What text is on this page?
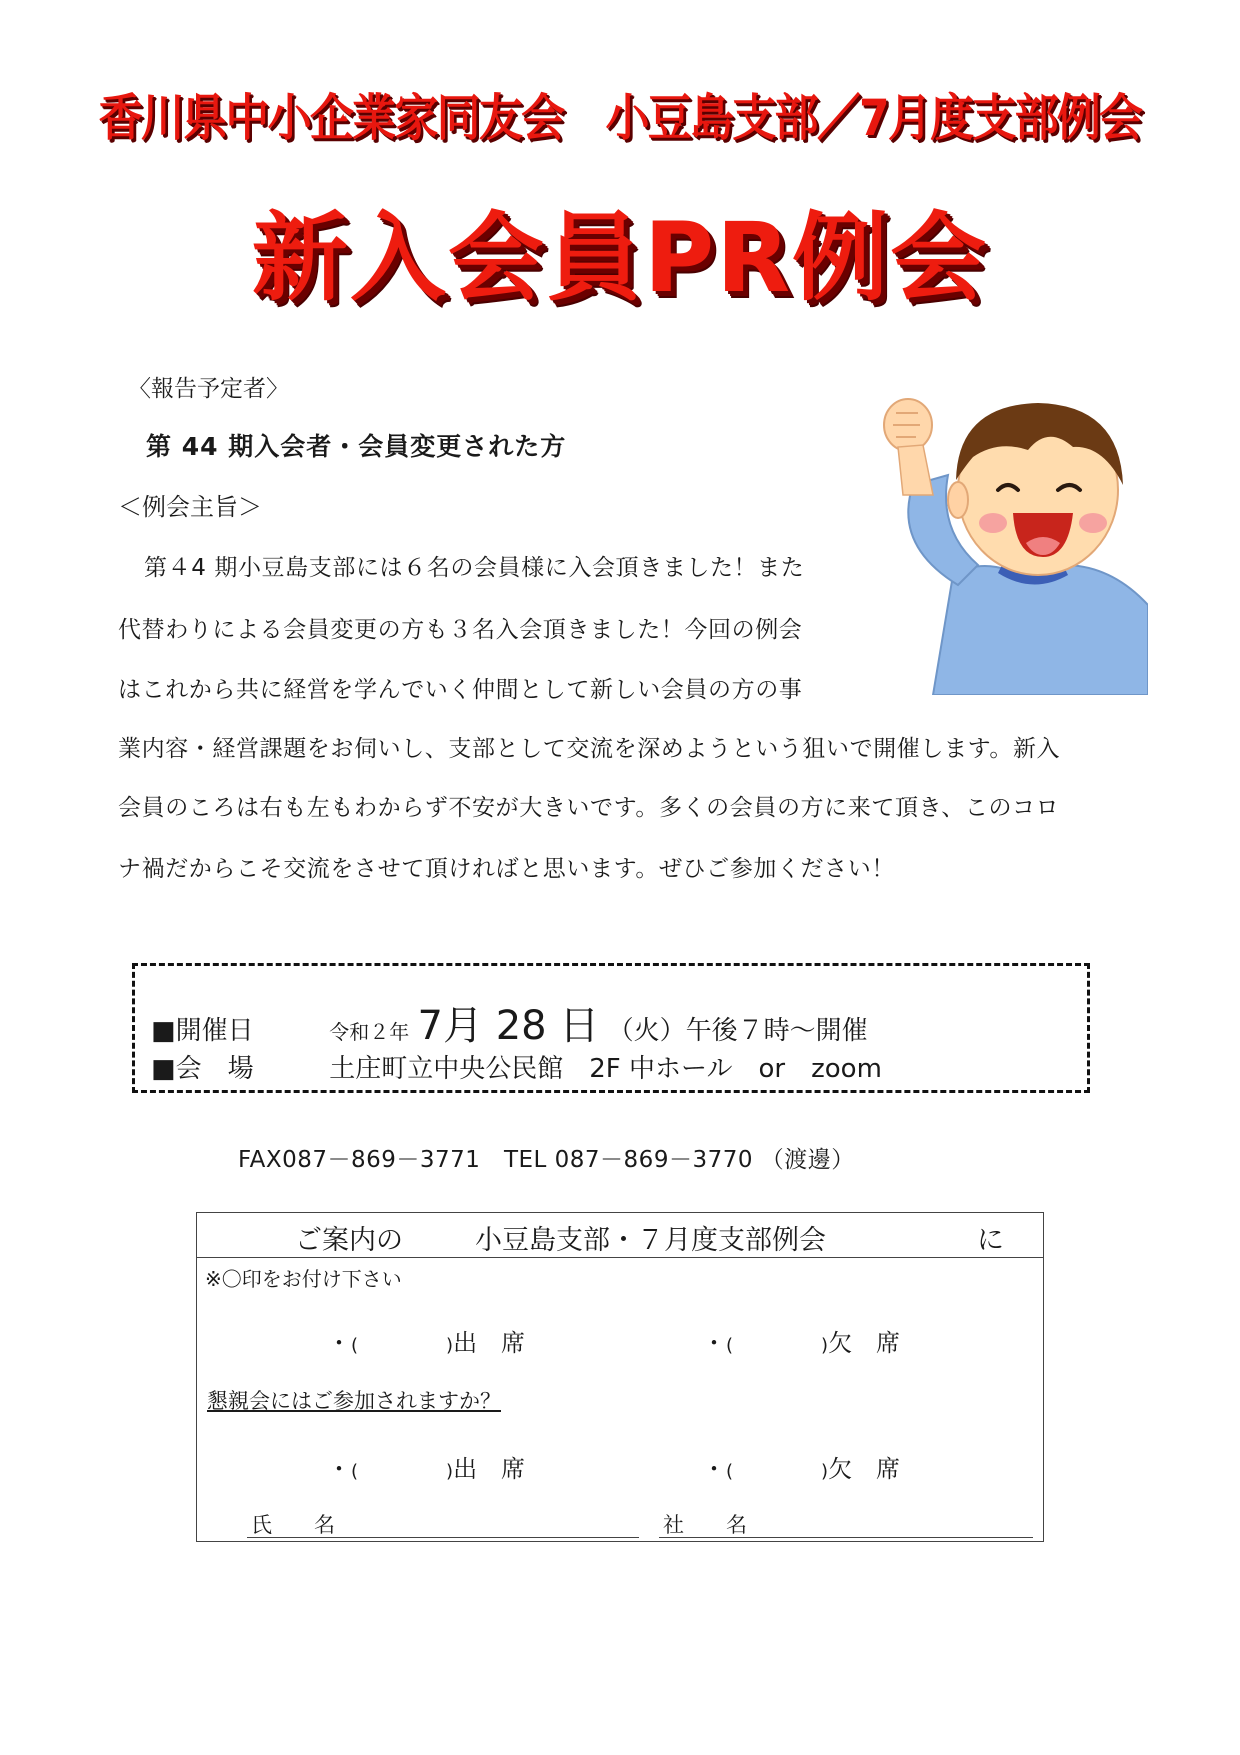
香川県中小企業家同友会　小豆島支部／7月度支部例会
新入会員PR例会
〈報告予定者〉
第 44 期入会者・会員変更された方
＜例会主旨＞
第４4 期小豆島支部には６名の会員様に入会頂きました！また
代替わりによる会員変更の方も３名入会頂きました！今回の例会
はこれから共に経営を学んでいく仲間として新しい会員の方の事
業内容・経営課題をお伺いし、支部として交流を深めようという狙いで開催します。新入
会員のころは右も左もわからず不安が大きいです。多くの会員の方に来て頂き、このコロ
ナ禍だからこそ交流をさせて頂ければと思います。ぜひご参加ください！
■開催日	令和２年 7月 28 日 （火）午後７時～開催
■会　場	土庄町立中央公民館　2F 中ホール　or　zoom
FAX087－869－3771　TEL 087－869－3770 （渡邊）
ご案内の	小豆島支部・７月度支部例会	に
※〇印をお付け下さい
・(	)出　席	・(	)欠　席
懇親会にはご参加されますか？
・(	)出　席	・(	)欠　席
氏　　名	社　　名
